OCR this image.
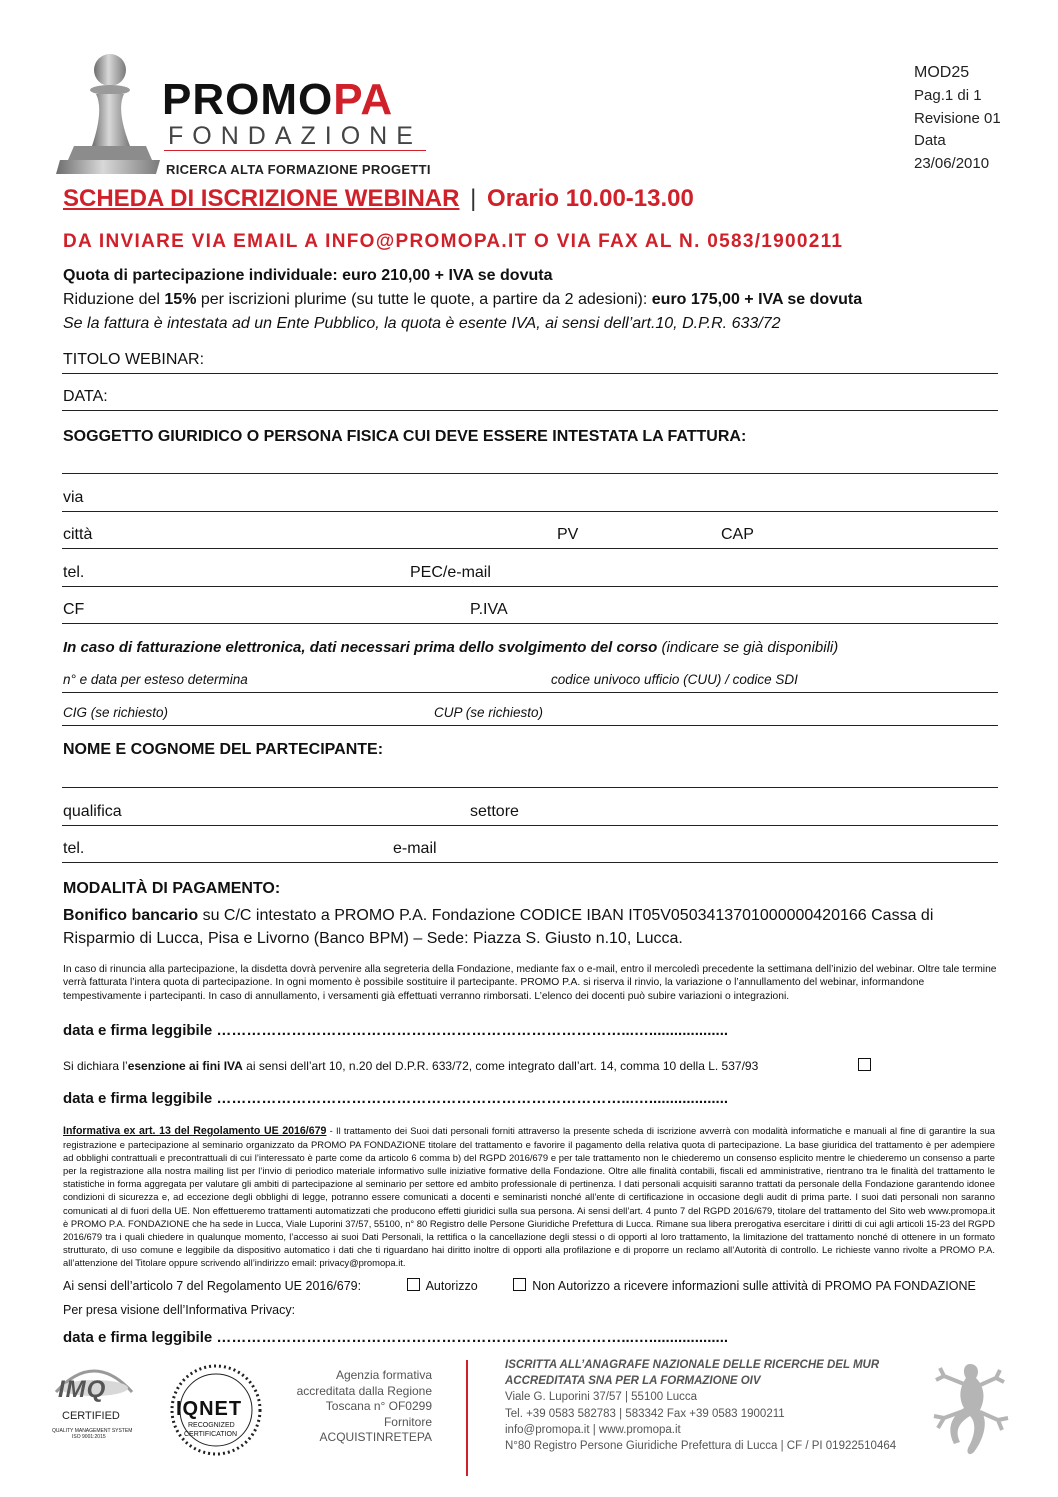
PROMOPA
FONDAZIONE
RICERCA ALTA FORMAZIONE PROGETTI
MOD25
Pag.1 di 1
Revisione 01
Data
23/06/2010
SCHEDA DI ISCRIZIONE WEBINAR | Orario 10.00-13.00
DA INVIARE VIA EMAIL A INFO@PROMOPA.IT O VIA FAX AL N. 0583/1900211
Quota di partecipazione individuale: euro 210,00 + IVA se dovuta
Riduzione del 15% per iscrizioni plurime (su tutte le quote, a partire da 2 adesioni): euro 175,00 + IVA se dovuta
Se la fattura è intestata ad un Ente Pubblico, la quota è esente IVA, ai sensi dell’art.10, D.P.R. 633/72
TITOLO WEBINAR:
DATA:
SOGGETTO GIURIDICO O PERSONA FISICA CUI DEVE ESSERE INTESTATA LA FATTURA:
via
città	PV	CAP
tel.	PEC/e-mail
CF	P.IVA
In caso di fatturazione elettronica, dati necessari prima dello svolgimento del corso (indicare se già disponibili)
n° e data per esteso determina	codice univoco ufficio (CUU) / codice SDI
CIG (se richiesto)	CUP (se richiesto)
NOME E COGNOME DEL PARTECIPANTE:
qualifica	settore
tel.	e-mail
MODALITÀ DI PAGAMENTO:
Bonifico bancario su C/C intestato a PROMO P.A. Fondazione CODICE IBAN IT05V0503413701000000420166 Cassa di
Risparmio di Lucca, Pisa e Livorno (Banco BPM) – Sede: Piazza S. Giusto n.10, Lucca.
In caso di rinuncia alla partecipazione, la disdetta dovrà pervenire alla segreteria della Fondazione, mediante fax o e-mail, entro il mercoledì precedente la settimana dell’inizio del webinar. Oltre tale termine verrà fatturata l’intera quota di partecipazione. In ogni momento è possibile sostituire il partecipante. PROMO P.A. si riserva il rinvio, la variazione o l’annullamento del webinar, informandone tempestivamente i partecipanti. In caso di annullamento, i versamenti già effettuati verranno rimborsati. L’elenco dei docenti può subire variazioni o integrazioni.
data e firma leggibile ………………………………………………………………………...…...................
Si dichiara l’esenzione ai fini IVA ai sensi dell’art 10, n.20 del D.P.R. 633/72, come integrato dall’art. 14, comma 10 della L. 537/93
data e firma leggibile ………………………………………………………………………...…...................
Informativa ex art. 13 del Regolamento UE 2016/679 - Il trattamento dei Suoi dati personali forniti attraverso la presente scheda di iscrizione avverrà con modalità informatiche e manuali al fine di garantire la sua registrazione e partecipazione al seminario organizzato da PROMO PA FONDAZIONE titolare del trattamento e favorire il pagamento della relativa quota di partecipazione. La base giuridica del trattamento è per adempiere ad obblighi contrattuali e precontrattuali di cui l’interessato è parte come da articolo 6 comma b) del RGPD 2016/679 e per tale trattamento non le chiederemo un consenso esplicito mentre le chiederemo un consenso a parte per la registrazione alla nostra mailing list per l’invio di periodico materiale informativo sulle iniziative formative della Fondazione. Oltre alle finalità contabili, fiscali ed amministrative, rientrano tra le finalità del trattamento le statistiche in forma aggregata per valutare gli ambiti di partecipazione al seminario per settore ed ambito professionale di pertinenza. I dati personali acquisiti saranno trattati da personale della Fondazione garantendo idonee condizioni di sicurezza e, ad eccezione degli obblighi di legge, potranno essere comunicati a docenti e seminaristi nonché all’ente di certificazione in occasione degli audit di prima parte. I suoi dati personali non saranno comunicati al di fuori della UE. Non effettueremo trattamenti automatizzati che producono effetti giuridici sulla sua persona. Ai sensi dell’art. 4 punto 7 del RGPD 2016/679, titolare del trattamento del Sito web www.promopa.it è PROMO P.A. FONDAZIONE che ha sede in Lucca, Viale Luporini 37/57, 55100, n° 80 Registro delle Persone Giuridiche Prefettura di Lucca. Rimane sua libera prerogativa esercitare i diritti di cui agli articoli 15-23 del RGPD 2016/679 tra i quali chiedere in qualunque momento, l’accesso ai suoi Dati Personali, la rettifica o la cancellazione degli stessi o di opporti al loro trattamento, la limitazione del trattamento nonché di ottenere in un formato strutturato, di uso comune e leggibile da dispositivo automatico i dati che ti riguardano hai diritto inoltre di opporti alla profilazione e di proporre un reclamo all’Autorità di controllo. Le richieste vanno rivolte a PROMO P.A. all’attenzione del Titolare oppure scrivendo all’indirizzo email: privacy@promopa.it.
Ai sensi dell’articolo 7 del Regolamento UE 2016/679:	Autorizzo	Non Autorizzo a ricevere informazioni sulle attività di PROMO PA FONDAZIONE
Per presa visione dell’Informativa Privacy:
data e firma leggibile ………………………………………………………………………...…...................
IMQ
CERTIFIED
QUALITY MANAGEMENT SYSTEM
ISO 9001:2015
IQNET
RECOGNIZED
CERTIFICATION
Agenzia formativa
accreditata dalla Regione
Toscana n° OF0299
Fornitore
ACQUISTINRETEPA
ISCRITTA ALL’ANAGRAFE NAZIONALE DELLE RICERCHE DEL MUR
ACCREDITATA SNA PER LA FORMAZIONE OIV
Viale G. Luporini 37/57 | 55100 Lucca
Tel. +39 0583 582783 | 583342 Fax +39 0583 1900211
info@promopa.it | www.promopa.it
N°80 Registro Persone Giuridiche Prefettura di Lucca | CF / PI 01922510464
